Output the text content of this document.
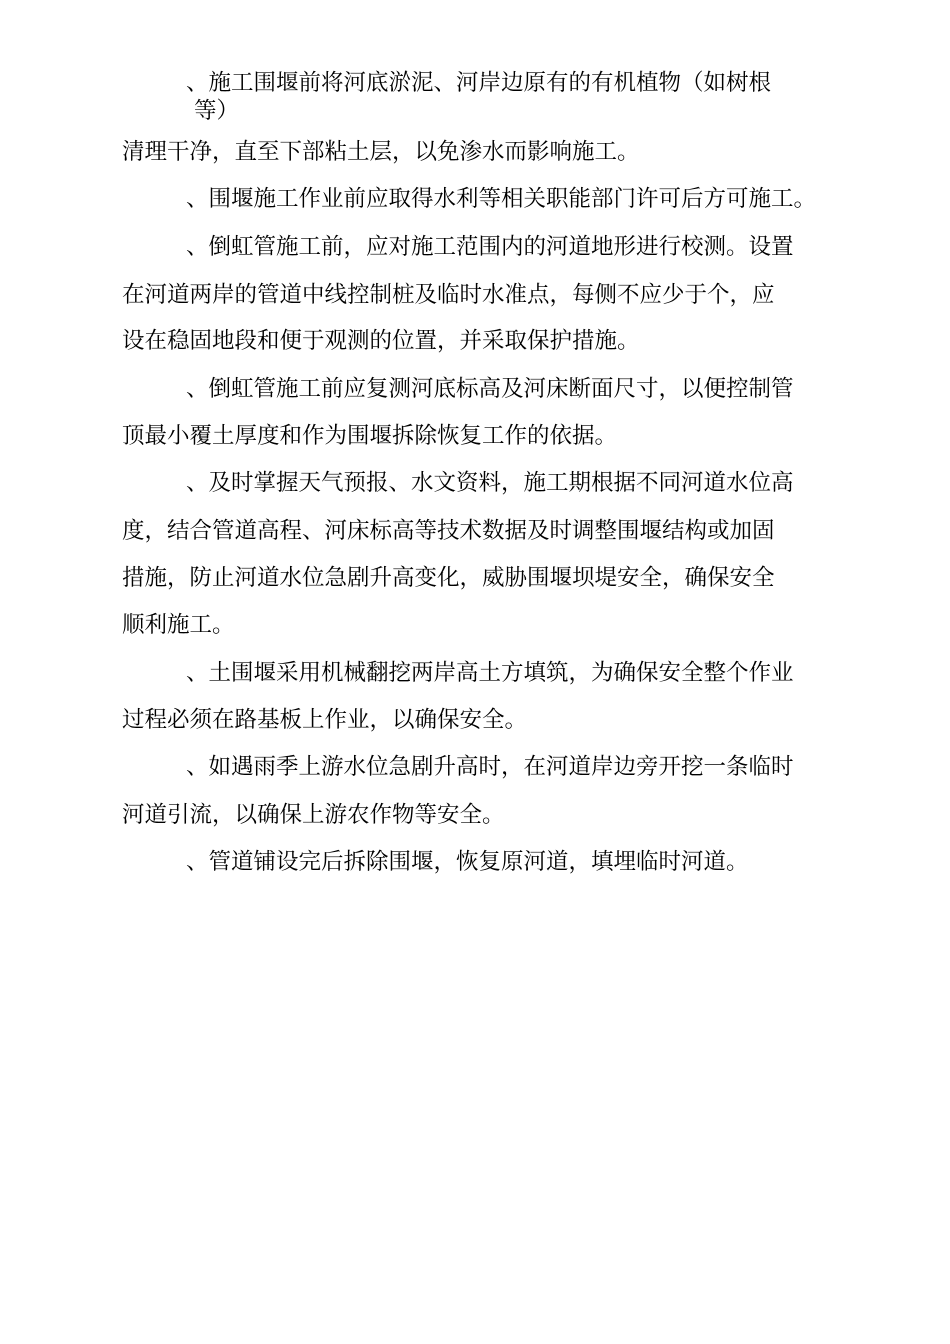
、施工围堰前将河底淤泥、河岸边原有的有机植物（如树根
等）
清理干净，直至下部粘土层，以免渗水而影响施工。
、围堰施工作业前应取得水利等相关职能部门许可后方可施工。
、倒虹管施工前，应对施工范围内的河道地形进行校测。设置
在河道两岸的管道中线控制桩及临时水准点，每侧不应少于个，应
设在稳固地段和便于观测的位置，并采取保护措施。
、倒虹管施工前应复测河底标高及河床断面尺寸，以便控制管
顶最小覆土厚度和作为围堰拆除恢复工作的依据。
、及时掌握天气预报、水文资料，施工期根据不同河道水位高
度，结合管道高程、河床标高等技术数据及时调整围堰结构或加固
措施，防止河道水位急剧升高变化，威胁围堰坝堤安全，确保安全
顺利施工。
、土围堰采用机械翻挖两岸高土方填筑，为确保安全整个作业
过程必须在路基板上作业，以确保安全。
、如遇雨季上游水位急剧升高时，在河道岸边旁开挖一条临时
河道引流，以确保上游农作物等安全。
、管道铺设完后拆除围堰，恢复原河道，填埋临时河道。
